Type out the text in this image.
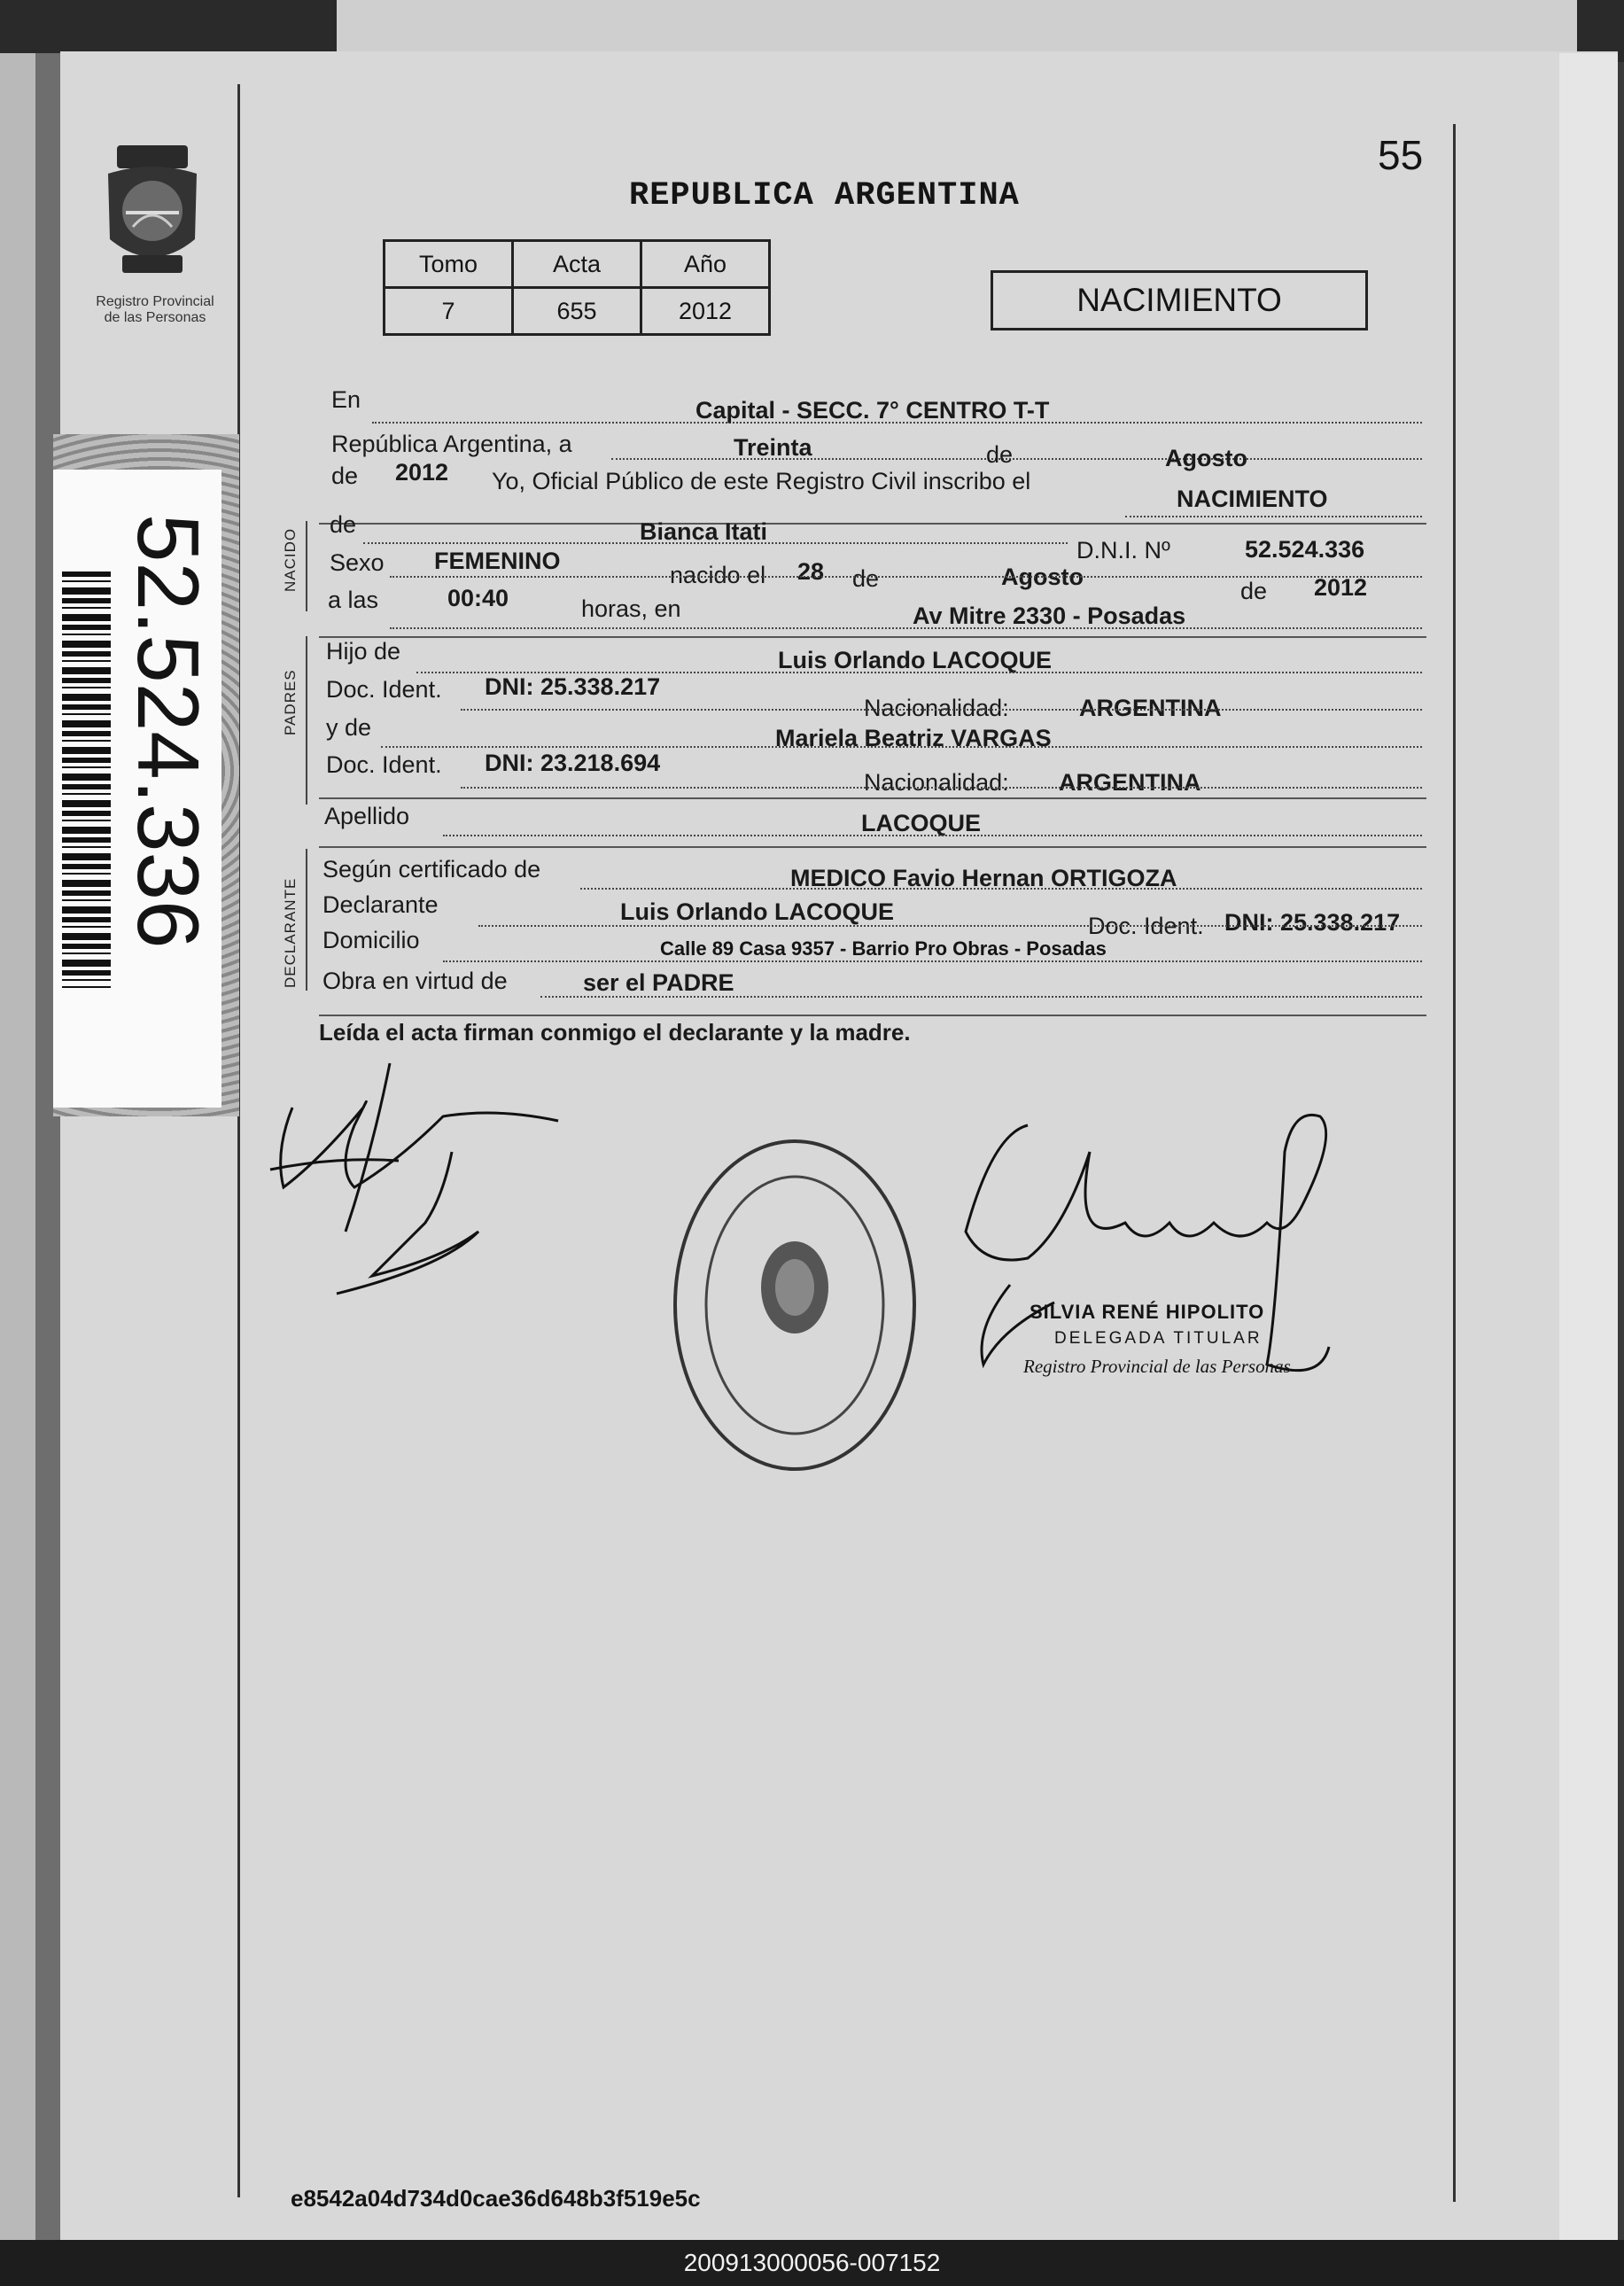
55
Registro Provincial
de las Personas
52.524.336
REPUBLICA ARGENTINA
Tomo	Acta	Año
7	655	2012	NACIMIENTO
NACIDO
PADRES
DECLARANTE
En	Capital - SECC. 7° CENTRO T-T
República Argentina, a	Treinta	de	Agosto
de 2012 Yo, Oficial Público de este Registro Civil inscribo el
NACIMIENTO
de	Bianca Itati
D.N.I. Nº	52.524.336
Sexo FEMENINO
nacido el 28 de	Agosto
de 2012
a las	00:40	horas, en	Av Mitre 2330 - Posadas
Hijo de	Luis Orlando LACOQUE
Doc. Ident. DNI: 25.338.217
Nacionalidad:	ARGENTINA
y de	Mariela Beatriz VARGAS
Doc. Ident. DNI: 23.218.694
Nacionalidad: ARGENTINA
Apellido	LACOQUE
Según certificado de	MEDICO Favio Hernan ORTIGOZA
Declarante	Luis Orlando LACOQUE
Doc. Ident. DNI: 25.338.217
Domicilio	Calle 89 Casa 9357 - Barrio Pro Obras - Posadas
Obra en virtud de	ser el PADRE
Leída el acta firman conmigo el declarante y la madre.
SILVIA RENÉ HIPOLITO
DELEGADA TITULAR
Registro Provincial de las Personas
e8542a04d734d0cae36d648b3f519e5c
200913000056-007152
